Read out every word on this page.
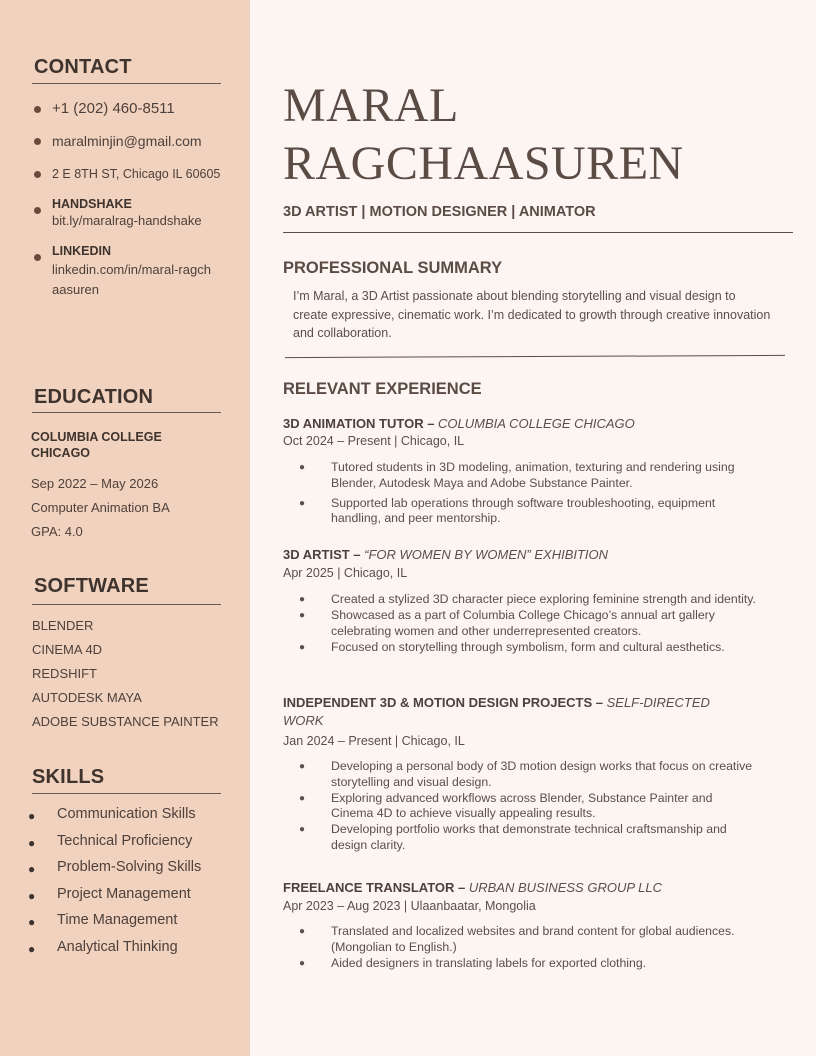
CONTACT
+1 (202) 460-8511
maralminjin@gmail.com
2 E 8TH ST, Chicago IL 60605
HANDSHAKE
bit.ly/maralrag-handshake
LINKEDIN
linkedin.com/in/maral-ragch
aasuren
EDUCATION
COLUMBIA COLLEGE
CHICAGO
Sep 2022 – May 2026
Computer Animation BA
GPA: 4.0
SOFTWARE
BLENDER
CINEMA 4D
REDSHIFT
AUTODESK MAYA
ADOBE SUBSTANCE PAINTER
SKILLS
● Communication Skills
● Technical Proficiency
● Problem-Solving Skills
● Project Management
● Time Management
● Analytical Thinking
MARAL
RAGCHAASUREN
3D ARTIST | MOTION DESIGNER | ANIMATOR
PROFESSIONAL SUMMARY
I’m Maral, a 3D Artist passionate about blending storytelling and visual design to create expressive, cinematic work. I’m dedicated to growth through creative innovation and collaboration.
RELEVANT EXPERIENCE
3D ANIMATION TUTOR – COLUMBIA COLLEGE CHICAGO
Oct 2024 – Present | Chicago, IL
●	Tutored students in 3D modeling, animation, texturing and rendering using Blender, Autodesk Maya and Adobe Substance Painter.
●	Supported lab operations through software troubleshooting, equipment handling, and peer mentorship.
3D ARTIST – “FOR WOMEN BY WOMEN” EXHIBITION
Apr 2025 | Chicago, IL
●	Created a stylized 3D character piece exploring feminine strength and identity.
●	Showcased as a part of Columbia College Chicago’s annual art gallery celebrating women and other underrepresented creators.
●	Focused on storytelling through symbolism, form and cultural aesthetics.
INDEPENDENT 3D & MOTION DESIGN PROJECTS – SELF-DIRECTED WORK
Jan 2024 – Present | Chicago, IL
●	Developing a personal body of 3D motion design works that focus on creative storytelling and visual design.
●	Exploring advanced workflows across Blender, Substance Painter and Cinema 4D to achieve visually appealing results.
●	Developing portfolio works that demonstrate technical craftsmanship and design clarity.
FREELANCE TRANSLATOR – URBAN BUSINESS GROUP LLC
Apr 2023 – Aug 2023 | Ulaanbaatar, Mongolia
●	Translated and localized websites and brand content for global audiences. (Mongolian to English.)
●	Aided designers in translating labels for exported clothing.
